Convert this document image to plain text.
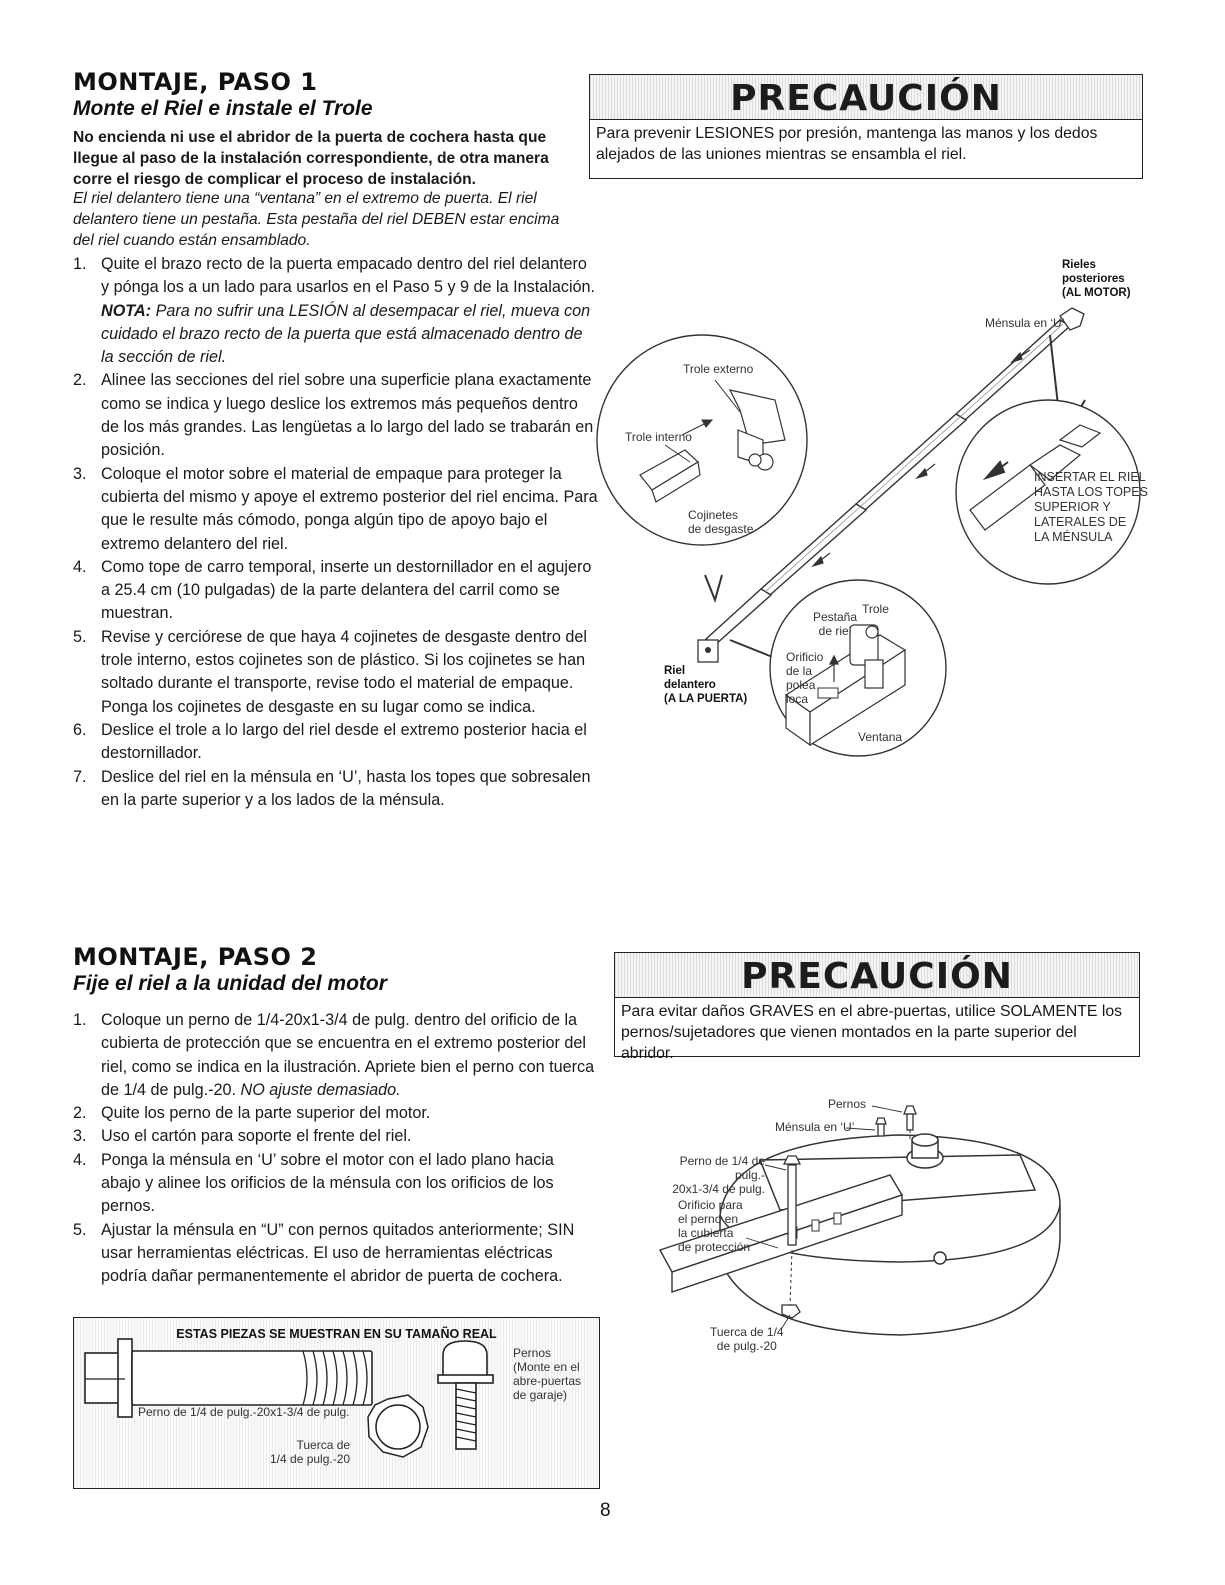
MONTAJE, PASO 1
Monte el Riel e instale el Trole
No encienda ni use el abridor de la puerta de cochera hasta que llegue al paso de la instalación correspondiente, de otra manera corre el riesgo de complicar el proceso de instalación.
El riel delantero tiene una “ventana” en el extremo de puerta. El riel delantero tiene un pestaña. Esta pestaña del riel DEBEN estar encima del riel cuando están ensamblado.
1. Quite el brazo recto de la puerta empacado dentro del riel delantero y pónga los a un lado para usarlos en el Paso 5 y 9 de la Instalación. NOTA: Para no sufrir una LESIÓN al desempacar el riel, mueva con cuidado el brazo recto de la puerta que está almacenado dentro de la sección de riel.
2. Alinee las secciones del riel sobre una superficie plana exactamente como se indica y luego deslice los extremos más pequeños dentro de los más grandes. Las lengüetas a lo largo del lado se trabarán en posición.
3. Coloque el motor sobre el material de empaque para proteger la cubierta del mismo y apoye el extremo posterior del riel encima. Para que le resulte más cómodo, ponga algún tipo de apoyo bajo el extremo delantero del riel.
4. Como tope de carro temporal, inserte un destornillador en el agujero a 25.4 cm (10 pulgadas) de la parte delantera del carril como se muestran.
5. Revise y cerciórese de que haya 4 cojinetes de desgaste dentro del trole interno, estos cojinetes son de plástico. Si los cojinetes se han soltado durante el transporte, revise todo el material de empaque. Ponga los cojinetes de desgaste en su lugar como se indica.
6. Deslice el trole a lo largo del riel desde el extremo posterior hacia el destornillador.
7. Deslice del riel en la ménsula en ‘U’, hasta los topes que sobresalen en la parte superior y a los lados de la ménsula.
PRECAUCIÓN
Para prevenir LESIONES por presión, mantenga las manos y los dedos alejados de las uniones mientras se ensambla el riel.
Rieles
posteriores
(AL MOTOR)
Ménsula en ‘U’
Trole externo
Trole interno
Cojinetes
de desgaste
INSERTAR EL RIEL
HASTA LOS TOPES
SUPERIOR Y
LATERALES DE
LA MÉNSULA
Pestaña
de riel
Trole
Orificio
de la
polea
loca
Ventana
Riel
delantero
(A LA PUERTA)
MONTAJE, PASO 2
Fije el riel a la unidad del motor
1. Coloque un perno de 1/4-20x1-3/4 de pulg. dentro del orificio de la cubierta de protección que se encuentra en el extremo posterior del riel, como se indica en la ilustración. Apriete bien el perno con tuerca de 1/4 de pulg.-20. NO ajuste demasiado.
2. Quite los perno de la parte superior del motor.
3. Uso el cartón para soporte el frente del riel.
4. Ponga la ménsula en ‘U’ sobre el motor con el lado plano hacia abajo y alinee los orificios de la ménsula con los orificios de los pernos.
5. Ajustar la ménsula en “U” con pernos quitados anteriormente; SIN usar herramientas eléctricas. El uso de herramientas eléctricas podría dañar permanentemente el abridor de puerta de cochera.
PRECAUCIÓN
Para evitar daños GRAVES en el abre-puertas, utilice SOLAMENTE los pernos/sujetadores que vienen montados en la parte superior del abridor.
ESTAS PIEZAS SE MUESTRAN EN SU TAMAÑO REAL
Perno de 1/4 de pulg.-20x1-3/4 de pulg.
Tuerca de
1/4 de pulg.-20
Pernos
(Monte en el
abre-puertas
de garaje)
Pernos
Ménsula en ‘U’
Perno de 1/4 de pulg.-
20x1-3/4 de pulg.
Orificio para
el perno en
la cubierta
de protección
Tuerca de 1/4
de pulg.-20
8
